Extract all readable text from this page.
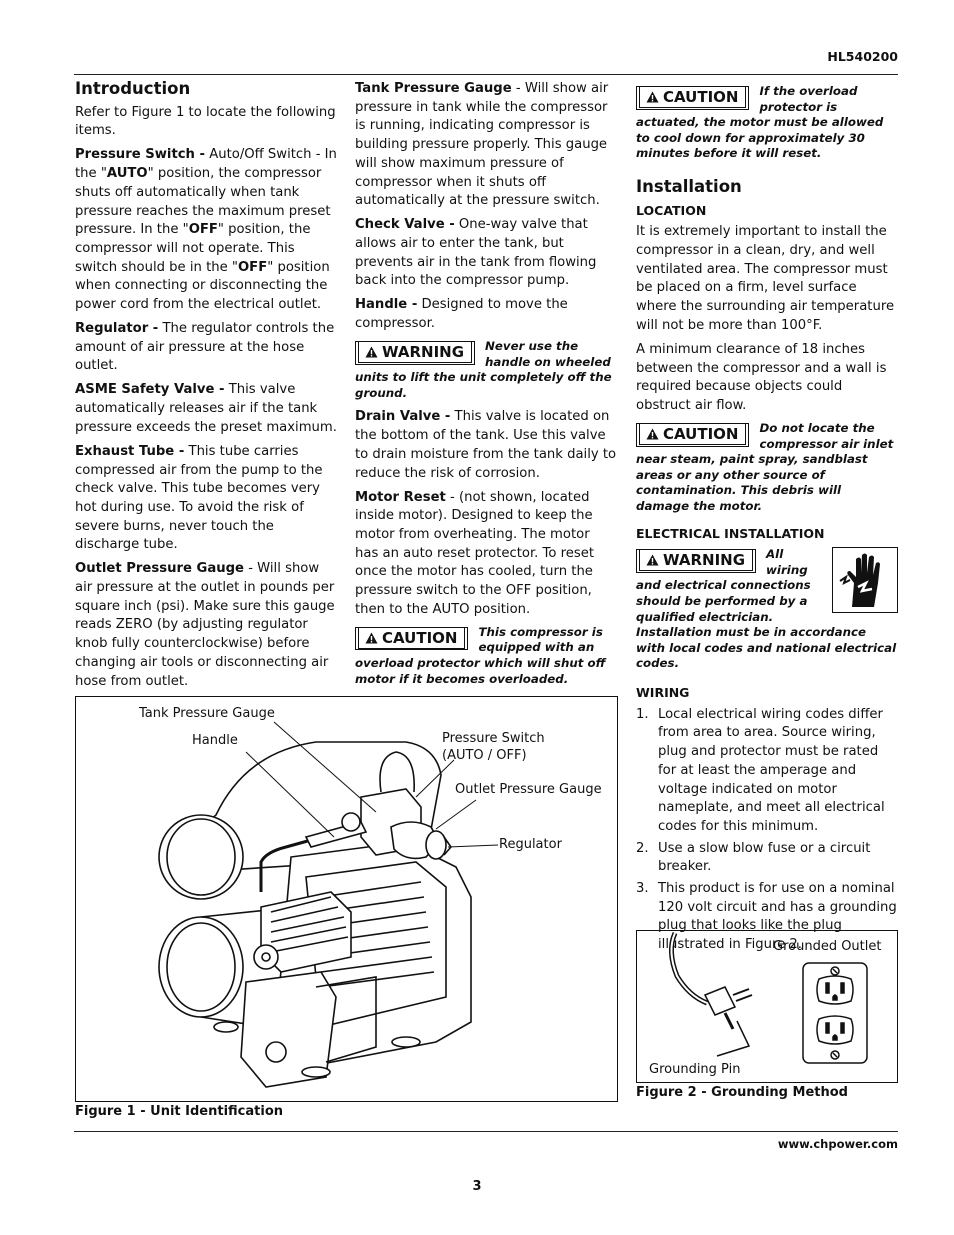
HL540200
Introduction

Refer to Figure 1 to locate the following items.

Pressure Switch - Auto/Off Switch - In the "AUTO" position, the compressor shuts off automatically when tank pressure reaches the maximum preset pressure. In the "OFF" position, the compressor will not operate. This switch should be in the "OFF" position when connecting or disconnecting the power cord from the electrical outlet.

Regulator - The regulator controls the amount of air pressure at the hose outlet.

ASME Safety Valve - This valve automatically releases air if the tank pressure exceeds the preset maximum.

Exhaust Tube - This tube carries compressed air from the pump to the check valve. This tube becomes very hot during use. To avoid the risk of severe burns, never touch the discharge tube.

Outlet Pressure Gauge - Will show air pressure at the outlet in pounds per square inch (psi). Make sure this gauge reads ZERO (by adjusting regulator knob fully counterclockwise) before changing air tools or disconnecting air hose from outlet.

Tank Pressure Gauge - Will show air pressure in tank while the compressor is running, indicating compressor is building pressure properly. This gauge will show maximum pressure of compressor when it shuts off automatically at the pressure switch.

Check Valve - One-way valve that allows air to enter the tank, but prevents air in the tank from flowing back into the compressor pump.

Handle - Designed to move the compressor.

WARNING	Never use the handle on wheeled units to lift the unit completely off the ground.

Drain Valve - This valve is located on the bottom of the tank. Use this valve to drain moisture from the tank daily to reduce the risk of corrosion.

Motor Reset - (not shown, located inside motor). Designed to keep the motor from overheating. The motor has an auto reset protector. To reset once the motor has cooled, turn the pressure switch to the OFF position, then to the AUTO position.

CAUTION	This compressor is equipped with an overload protector which will shut off motor if it becomes overloaded.
CAUTION	If the overload protector is actuated, the motor must be allowed to cool down for approximately 30 minutes before it will reset.
Installation
LOCATION

It is extremely important to install the compressor in a clean, dry, and well ventilated area. The compressor must be placed on a firm, level surface where the surrounding air temperature will not be more than 100°F.

A minimum clearance of 18 inches between the compressor and a wall is required because objects could obstruct air flow.

CAUTION	Do not locate the compressor air inlet near steam, paint spray, sandblast areas or any other source of contamination. This debris will damage the motor.
ELECTRICAL INSTALLATION
WARNING	All wiring and electrical connections should be performed by a qualified electrician. Installation must be in accordance with local codes and national electrical codes.
WIRING
1. Local electrical wiring codes differ from area to area. Source wiring, plug and protector must be rated for at least the amperage and voltage indicated on motor nameplate, and meet all electrical codes for this minimum.
2. Use a slow blow fuse or a circuit breaker.
3. This product is for use on a nominal 120 volt circuit and has a grounding plug that looks like the plug illustrated in Figure 2.
Tank Pressure Gauge
Handle	Pressure Switch
(AUTO / OFF)
Outlet Pressure Gauge
Regulator
Figure 1 - Unit Identification
Grounded Outlet
Grounding Pin
Figure 2 - Grounding Method
www.chpower.com
3
